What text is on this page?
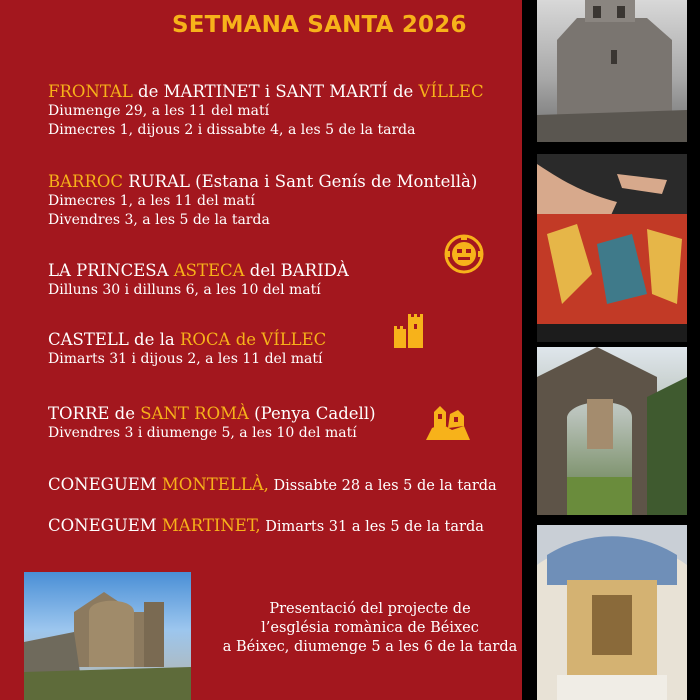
SETMANA SANTA 2026
FRONTAL de MARTINET i SANT MARTÍ de VÍLLEC
Diumenge 29, a les 11 del matí
Dimecres 1, dijous 2 i dissabte 4, a les 5 de la tarda
BARROC RURAL (Estana i Sant Genís de Montellà)
Dimecres 1, a les 11 del matí
Divendres 3, a les 5 de la tarda
LA PRINCESA ASTECA del BARIDÀ
Dilluns 30 i dilluns 6, a les 10 del matí
CASTELL de la ROCA de VÍLLEC
Dimarts 31 i dijous 2, a les 11 del matí
TORRE de SANT ROMÀ (Penya Cadell)
Divendres 3 i diumenge 5, a les 10 del matí
CONEGUEM MONTELLÀ, Dissabte 28 a les 5 de la tarda
CONEGUEM MARTINET, Dimarts 31 a les 5 de la tarda
Presentació del projecte de
l’església romànica de Béixec
a Béixec, diumenge 5 a les 6 de la tarda
